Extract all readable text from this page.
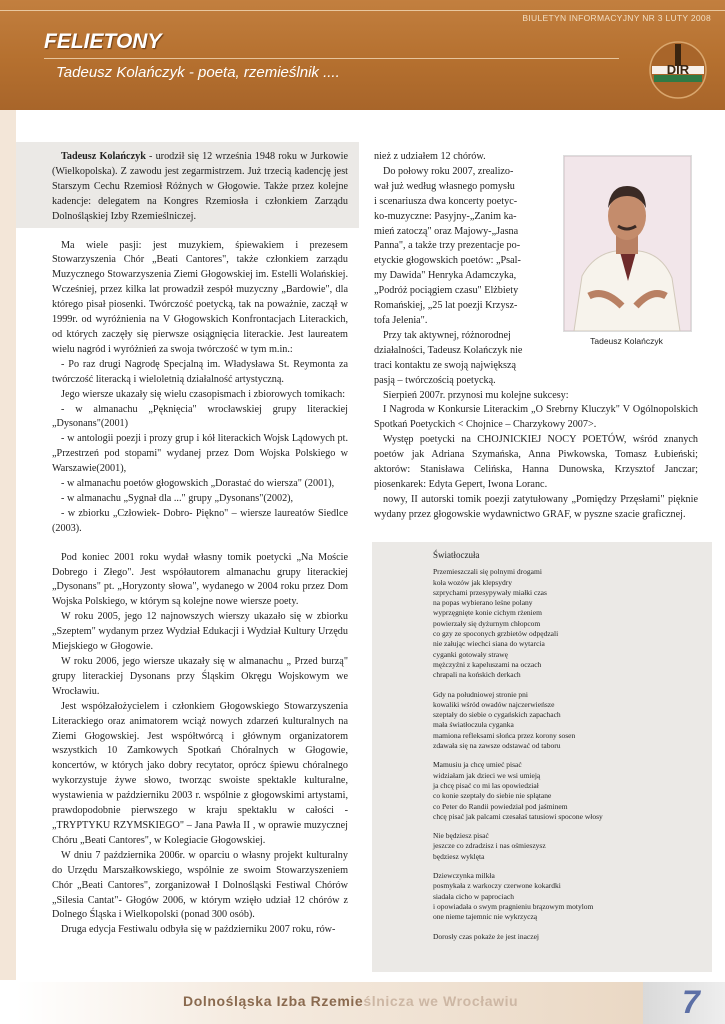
BIULETYN INFORMACYJNY NR 3 LUTY 2008
FELIETONY
Tadeusz Kolańczyk - poeta, rzemieślnik ....	DIR

Tadeusz Kolańczyk - urodził się 12 września 1948 roku w Jurkowie (Wielkopolska). Z zawodu jest zegarmistrzem. Już trzecią kadencję jest Starszym Cechu Rzemiosł Różnych w Głogowie. Także przez kolejne kadencje: delegatem na Kongres Rzemiosła i członkiem Zarządu Dolnośląskiej Izby Rzemieślniczej.

Ma wiele pasji: jest muzykiem, śpiewakiem i prezesem Stowarzyszenia Chór „Beati Cantores", także członkiem zarządu Muzycznego Stowarzyszenia Ziemi Głogowskiej im. Estelli Wolańskiej. Wcześniej, przez kilka lat prowadził zespół muzyczny „Bardowie", dla którego pisał piosenki. Twórczość poetycką, tak na poważnie, zaczął w 1999r. od wyróżnienia na V Głogowskich Konfrontacjach Literackich, od których zaczęły się pierwsze osiągnięcia literackie. Jest laureatem wielu nagród i wyróżnień za swoja twórczość w tym m.in.:

- Po raz drugi Nagrodę Specjalną im. Władysława St. Reymonta za twórczość literacką i wieloletnią działalność artystyczną.

Jego wiersze ukazały się wielu czasopismach i zbiorowych tomikach:

- w almanachu „Pęknięcia" wrocławskiej grupy literackiej „Dysonans"(2001)

- w antologii poezji i prozy grup i kół literackich Wojsk Lądowych pt. „Przestrzeń pod stopami" wydanej przez Dom Wojska Polskiego w Warszawie(2001),

- w almanachu poetów głogowskich „Dorastać do wiersza" (2001),

- w almanachu „Sygnał dla ..." grupy „Dysonans"(2002),

- w zbiorku „Człowiek- Dobro- Piękno" – wiersze laureatów Siedlce (2003).

Pod koniec 2001 roku wydał własny tomik poetycki „Na Moście Dobrego i Złego". Jest współautorem almanachu grupy literackiej „Dysonans" pt. „Horyzonty słowa", wydanego w 2004 roku przez Dom Wojska Polskiego, w którym są kolejne nowe wiersze poety.

W roku 2005, jego 12 najnowszych wierszy ukazało się w zbiorku „Szeptem" wydanym przez Wydział Edukacji i Wydział Kultury Urzędu Miejskiego w Głogowie.

W roku 2006, jego wiersze ukazały się w almanachu „ Przed burzą" grupy literackiej Dysonans przy Śląskim Okręgu Wojskowym we Wrocławiu.

Jest współzałożycielem i członkiem Głogowskiego Stowarzyszenia Literackiego oraz animatorem wciąż nowych zdarzeń kulturalnych na Ziemi Głogowskiej. Jest współtwórcą i głównym organizatorem wszystkich 10 Zamkowych Spotkań Chóralnych w Głogowie, koncertów, w których jako dobry recytator, oprócz śpiewu chóralnego wykorzystuje żywe słowo, tworząc swoiste spektakle kulturalne, wystawienia w październiku 2003 r. wspólnie z głogowskimi artystami, prawdopodobnie pierwszego w kraju spektaklu w całości - „TRYPTYKU RZYMSKIEGO" – Jana Pawła II , w oprawie muzycznej Chóru „Beati Cantores", w Kolegiacie Głogowskiej.

W dniu 7 października 2006r. w oparciu o własny projekt kulturalny do Urzędu Marszałkowskiego, wspólnie ze swoim Stowarzyszeniem Chór „Beati Cantores", zorganizował I Dolnośląski Festiwal Chórów „Silesia Cantat"- Głogów 2006, w którym wzięło udział 12 chórów z Dolnego Śląska i Wielkopolski (ponad 300 osób).

Druga edycja Festiwalu odbyła się w październiku 2007 roku, rów-

nież z udziałem 12 chórów.

Do połowy roku 2007, zrealizo-

wał już według własnego pomysłu

i scenariusza dwa koncerty poetyc-

ko-muzyczne: Pasyjny-„Zanim ka-

mień zatoczą" oraz Majowy-„Jasna

Panna", a także trzy prezentacje po-

etyckie głogowskich poetów: „Psal-

my Dawida" Henryka Adamczyka,

„Podróż pociągiem czasu" Elżbiety

Romańskiej, „25 lat poezji Krzysz-

tofa Jelenia".

Przy tak aktywnej, różnorodnej

działalności, Tadeusz Kolańczyk nie

traci kontaktu ze swoją największą

pasją – twórczością poetycką.

Sierpień 2007r. przynosi mu kolejne sukcesy:

I Nagroda w Konkursie Literackim „O Srebrny Kluczyk" V Ogólnopolskich Spotkań Poetyckich < Chojnice – Charzykowy 2007>.

Występ poetycki na CHOJNICKIEJ NOCY POETÓW, wśród znanych poetów jak Adriana Szymańska, Anna Piwkowska, Tomasz Łubieński; aktorów: Stanisława Celińska, Hanna Dunowska, Krzysztof Janczar; piosenkarek: Edyta Gepert, Iwona Loranc.

nowy, II autorski tomik poezji zatytułowany „Pomiędzy Przęsłami" pięknie wydany przez głogowskie wydawnictwo GRAF, w pyszne szacie graficznej.

Tadeusz Kolańczyk

Światłoczuła

Przemieszczali się polnymi drogami

koła wozów jak klepsydry

szprychami przesypywały miałki czas

na popas wybierano leśne polany

wyprzęgnięte konie cichym rżeniem

powierzały się dyżurnym chłopcom

co gzy ze spoconych grzbietów odpędzali

nie załując wiechci siana do wytarcia

cyganki gotowały strawę

mężczyźni z kapeluszami na oczach

chrapali na końskich derkach

Gdy na południowej stronie pni

kowaliki wśród owadów najczerwieńsze

szeptały do siebie o cygańskich zapachach

mała światłoczuła cyganka

mamiona refleksami słońca przez korony sosen

zdawała się na zawsze odstawać od taboru

Mamusiu ja chcę umieć pisać

widziałam jak dzieci we wsi umieją

ja chcę pisać co mi las opowiedział

co konie szeptały do siebie nie spłątane

co Peter do Randii powiedział pod jaśminem

chcę pisać jak palcami czesałaś tatusiowi spocone włosy

Nie będziesz pisać

jeszcze co zdradzisz i nas ośmieszysz

będziesz wyklęta

Dziewczynka milkła

posmykała z warkoczy czerwone kokardki

siadała cicho w paprociach

i opowiadała o swym pragnieniu brązowym motylom

one nieme tajemnic nie wykrzyczą

Dorosły czas pokaże że jest inaczej

Dolnośląska Izba Rzemieślnicza we Wrocławiu	7
